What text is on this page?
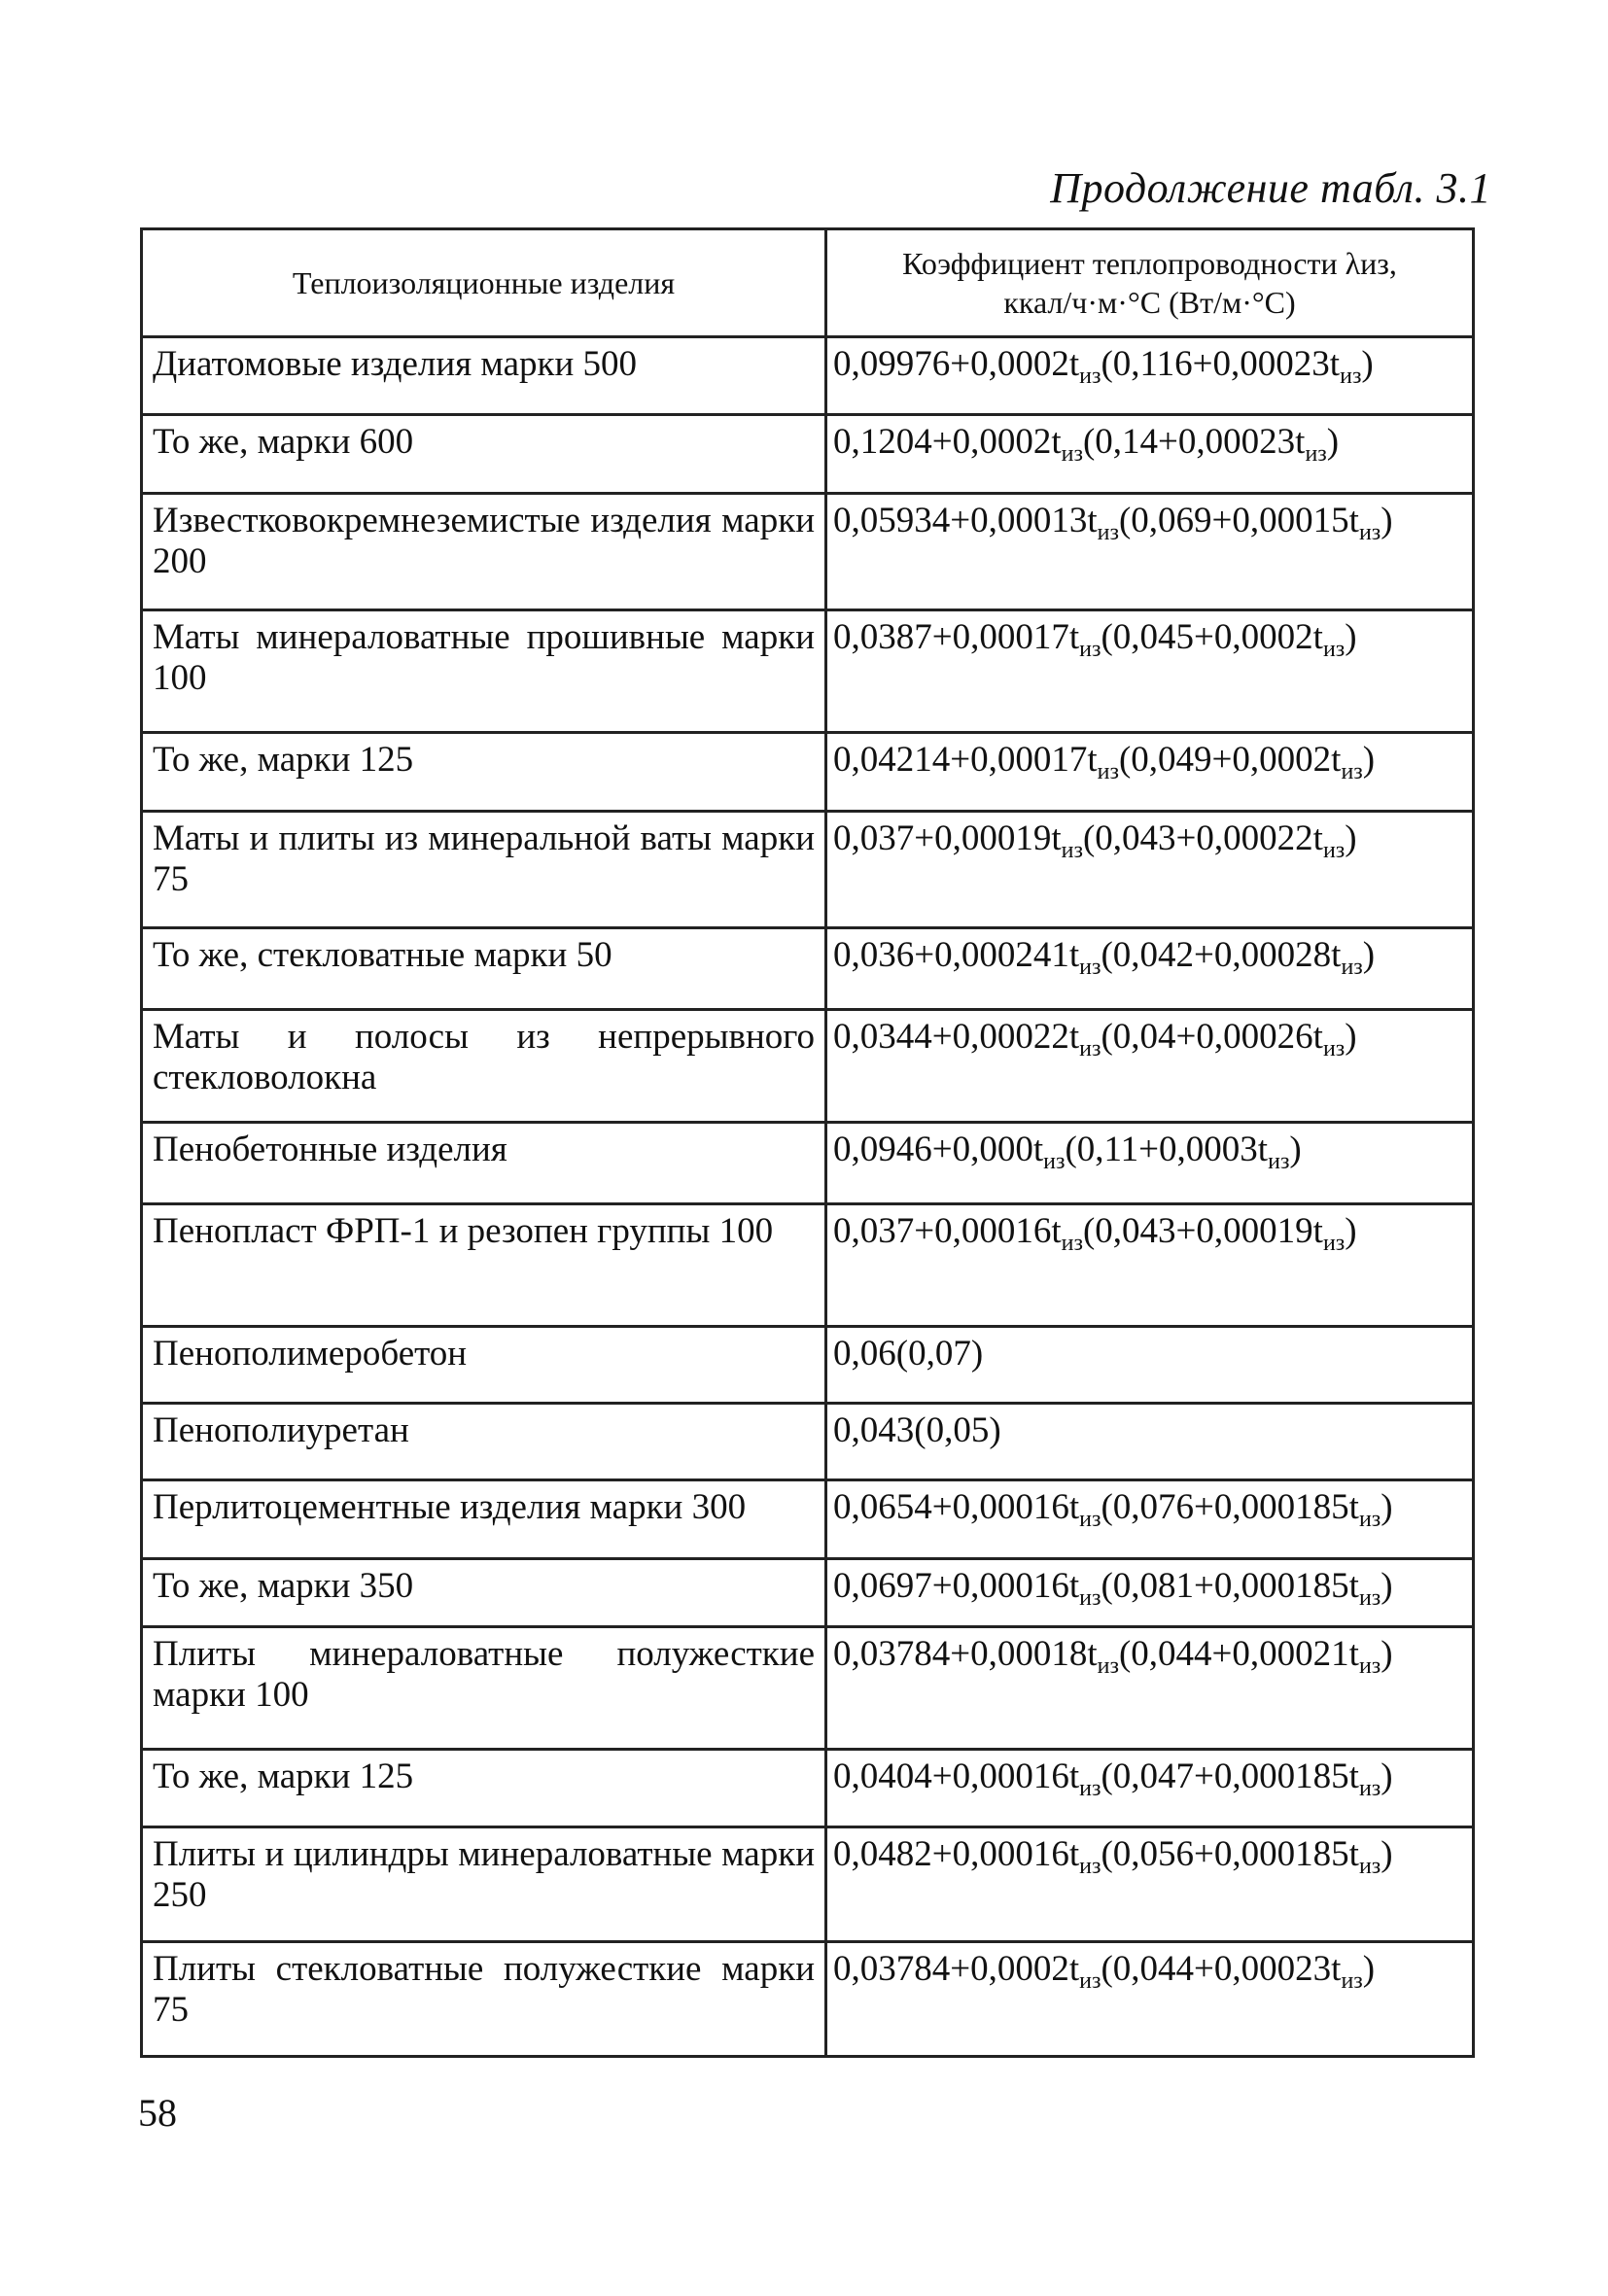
Продолжение табл. 3.1
Теплоизоляционные изделия	Коэффициент теплопроводности λиз,
ккал/ч·м·°С (Вт/м·°С)

Диатомовые изделия марки 500	$0,09976+0,0002t_{из}(0,116+0,00023t_{из})$
То же, марки 600	$0,1204+0,0002t_{из}(0,14+0,00023t_{из})$
Известковокремнеземистые изделия марки 200	$0,05934+0,00013t_{из}(0,069+0,00015t_{из})$
Маты минераловатные прошивные марки 100	$0,0387+0,00017t_{из}(0,045+0,0002t_{из})$
То же, марки 125	$0,04214+0,00017t_{из}(0,049+0,0002t_{из})$
Маты и плиты из минеральной ваты марки 75	$0,037+0,00019t_{из}(0,043+0,00022t_{из})$
То же, стекловатные марки 50	$0,036+0,000241t_{из}(0,042+0,00028t_{из})$
Маты и полосы из непрерывного стекловолокна	$0,0344+0,00022t_{из}(0,04+0,00026t_{из})$
Пенобетонные изделия	$0,0946+0,000t_{из}(0,11+0,0003t_{из})$
Пенопласт ФРП-1 и резопен группы 100	$0,037+0,00016t_{из}(0,043+0,00019t_{из})$
Пенополимеробетон	0,06(0,07)
Пенополиуретан	0,043(0,05)
Перлитоцементные изделия марки 300	$0,0654+0,00016t_{из}(0,076+0,000185t_{из})$
То же, марки 350	$0,0697+0,00016t_{из}(0,081+0,000185t_{из})$
Плиты минераловатные полужесткие марки 100	$0,03784+0,00018t_{из}(0,044+0,00021t_{из})$
То же, марки 125	$0,0404+0,00016t_{из}(0,047+0,000185t_{из})$
Плиты и цилиндры минераловатные марки 250	$0,0482+0,00016t_{из}(0,056+0,000185t_{из})$
Плиты стекловатные полужесткие марки 75	$0,03784+0,0002t_{из}(0,044+0,00023t_{из})$
58
